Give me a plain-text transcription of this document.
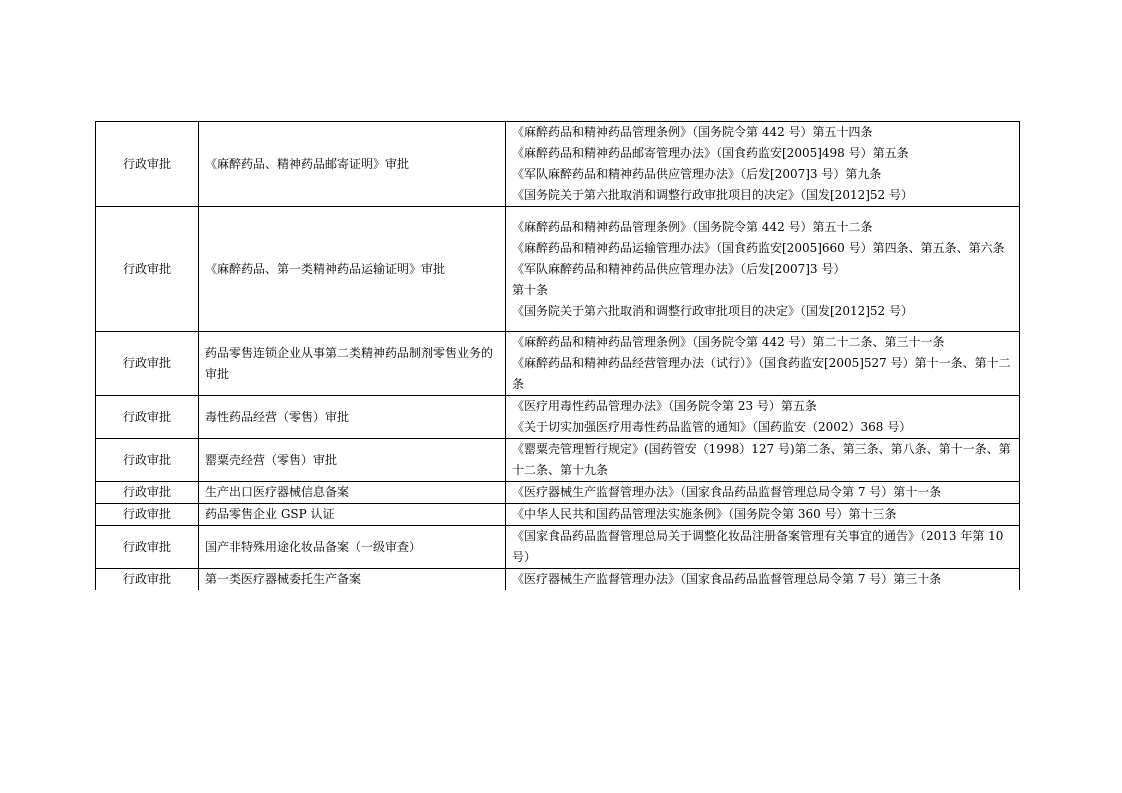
行政审批	《麻醉药品、精神药品邮寄证明》审批	《麻醉药品和精神药品管理条例》（国务院令第 442 号）第五十四条
《麻醉药品和精神药品邮寄管理办法》（国食药监安[2005]498 号）第五条
《军队麻醉药品和精神药品供应管理办法》（后发[2007]3 号）第九条
《国务院关于第六批取消和调整行政审批项目的决定》（国发[2012]52 号）

行政审批	《麻醉药品、第一类精神药品运输证明》审批	《麻醉药品和精神药品管理条例》（国务院令第 442 号）第五十二条
《麻醉药品和精神药品运输管理办法》（国食药监安[2005]660 号）第四条、第五条、第六条
《军队麻醉药品和精神药品供应管理办法》（后发[2007]3 号）
第十条
《国务院关于第六批取消和调整行政审批项目的决定》（国发[2012]52 号）

行政审批	药品零售连锁企业从事第二类精神药品制剂零售业务的审批	《麻醉药品和精神药品管理条例》（国务院令第 442 号）第二十二条、第三十一条
《麻醉药品和精神药品经营管理办法（试行）》（国食药监安[2005]527 号）第十一条、第十二条

行政审批	毒性药品经营（零售）审批	《医疗用毒性药品管理办法》（国务院令第 23 号）第五条
《关于切实加强医疗用毒性药品监管的通知》（国药监安（2002）368 号）

行政审批	罂粟壳经营（零售）审批	《罂粟壳管理暂行规定》(国药管安（1998）127 号)第二条、第三条、第八条、第十一条、第十二条、第十九条

行政审批	生产出口医疗器械信息备案	《医疗器械生产监督管理办法》（国家食品药品监督管理总局令第 7 号）第十一条

行政审批	药品零售企业 GSP 认证	《中华人民共和国药品管理法实施条例》（国务院令第 360 号）第十三条

行政审批	国产非特殊用途化妆品备案（一级审查）	《国家食品药品监督管理总局关于调整化妆品注册备案管理有关事宜的通告》（2013 年第 10 号）

行政审批	第一类医疗器械委托生产备案	《医疗器械生产监督管理办法》（国家食品药品监督管理总局令第 7 号）第三十条
